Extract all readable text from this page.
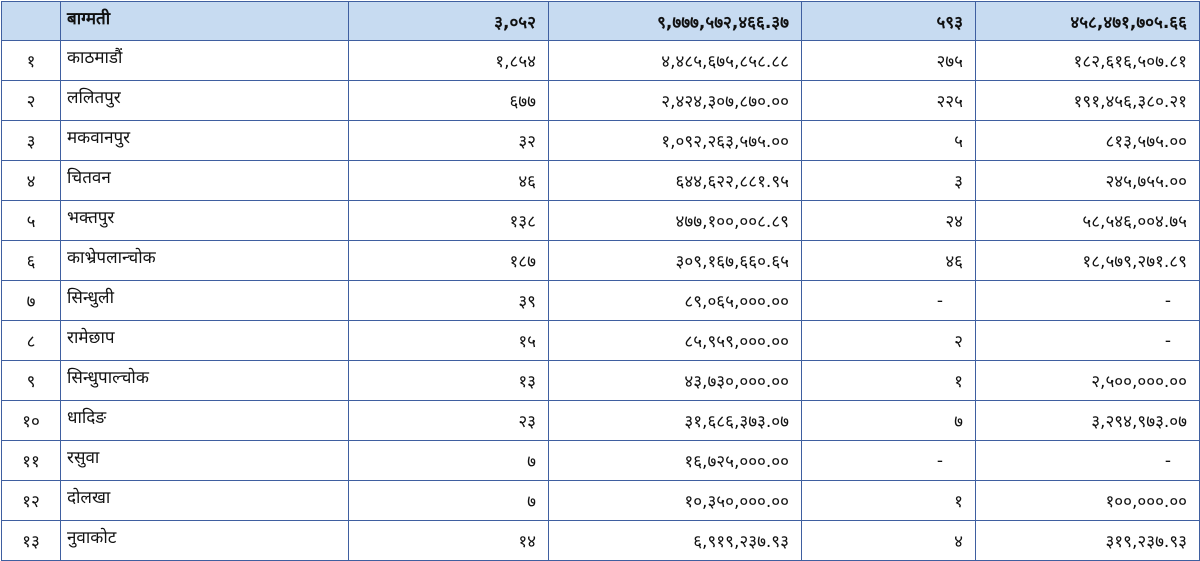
	बाग्मती	३,०५२	९,७७७,५७२,४६६.३७	५९३	४५८,४७१,७०५.६६
१	काठमाडौं	१,८५४	४,४८५,६७५,८५८.८८	२७५	१८२,६१६,५०७.८१
२	ललितपुर	६७७	२,४२४,३०७,८७०.००	२२५	१९१,४५६,३८०.२१
३	मकवानपुर	३२	१,०९२,२६३,५७५.००	५	८१३,५७५.००
४	चितवन	४६	६४४,६२२,८८१.९५	३	२४५,७५५.००
५	भक्तपुर	१३८	४७७,१००,००८.८९	२४	५८,५४६,००४.७५
६	काभ्रेपलान्चोक	१८७	३०९,१६७,६६०.६५	४६	१८,५७९,२७१.८९
७	सिन्धुली	३९	८९,०६५,०००.००	-	-
८	रामेछाप	१५	८५,९५९,०००.००	२	-
९	सिन्धुपाल्चोक	१३	४३,७३०,०००.००	१	२,५००,०००.००
१०	धादिङ	२३	३१,६८६,३७३.०७	७	३,२९४,९७३.०७
११	रसुवा	७	१६,७२५,०००.००	-	-
१२	दोलखा	७	१०,३५०,०००.००	१	१००,०००.००
१३	नुवाकोट	१४	६,९१९,२३७.९३	४	३१९,२३७.९३
